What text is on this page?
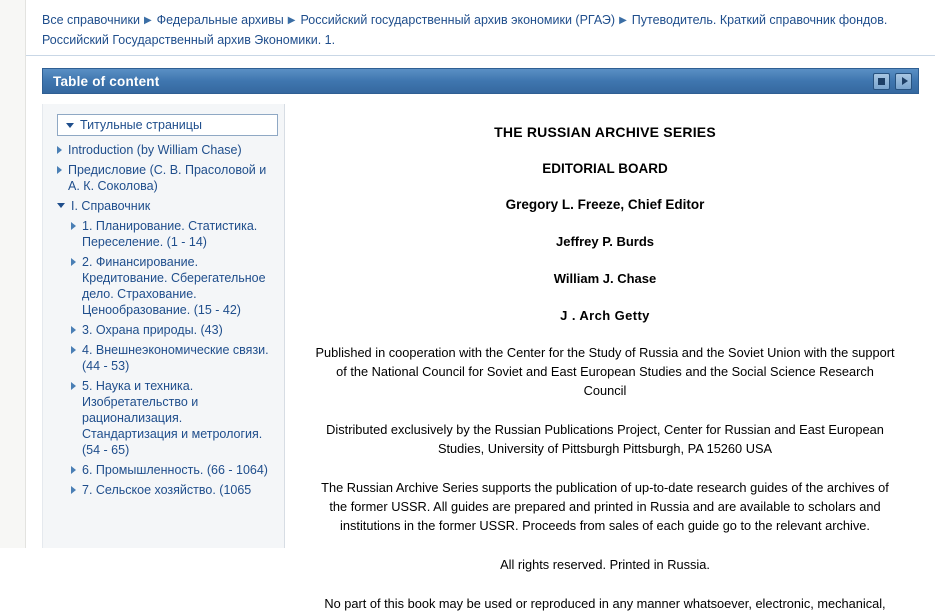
Все справочники ▶ Федеральные архивы ▶ Российский государственный архив экономики (РГАЭ) ▶ Путеводитель. Краткий справочник фондов. Российский Государственный архив Экономики. 1.
Table of content
Титульные страницы
Introduction (by William Chase)
Предисловие (С. В. Прасоловой и А. К. Соколова)
I. Справочник
1. Планирование. Статистика. Переселение. (1 - 14)
2. Финансирование. Кредитование. Сберегательное дело. Страхование. Ценообразование. (15 - 42)
3. Охрана природы. (43)
4. Внешнеэкономические связи. (44 - 53)
5. Наука и техника. Изобретательство и рационализация. Стандартизация и метрология. (54 - 65)
6. Промышленность. (66 - 1064)
7. Сельское хозяйство. (1065
THE RUSSIAN ARCHIVE SERIES
EDITORIAL BOARD
Gregory L. Freeze, Chief Editor
Jeffrey P. Burds
William J. Chase
J . Arch Getty

Published in cooperation with the Center for the Study of Russia and the Soviet Union with the support of the National Council for Soviet and East European Studies and the Social Science Research Council

Distributed exclusively by the Russian Publications Project, Center for Russian and East European Studies, University of Pittsburgh Pittsburgh, PA 15260 USA

The Russian Archive Series supports the publication of up-to-date research guides of the archives of the former USSR. All guides are prepared and printed in Russia and are available to scholars and institutions in the former USSR. Proceeds from sales of each guide go to the relevant archive.

All rights reserved. Printed in Russia.

No part of this book may be used or reproduced in any manner whatsoever, electronic, mechanical,
